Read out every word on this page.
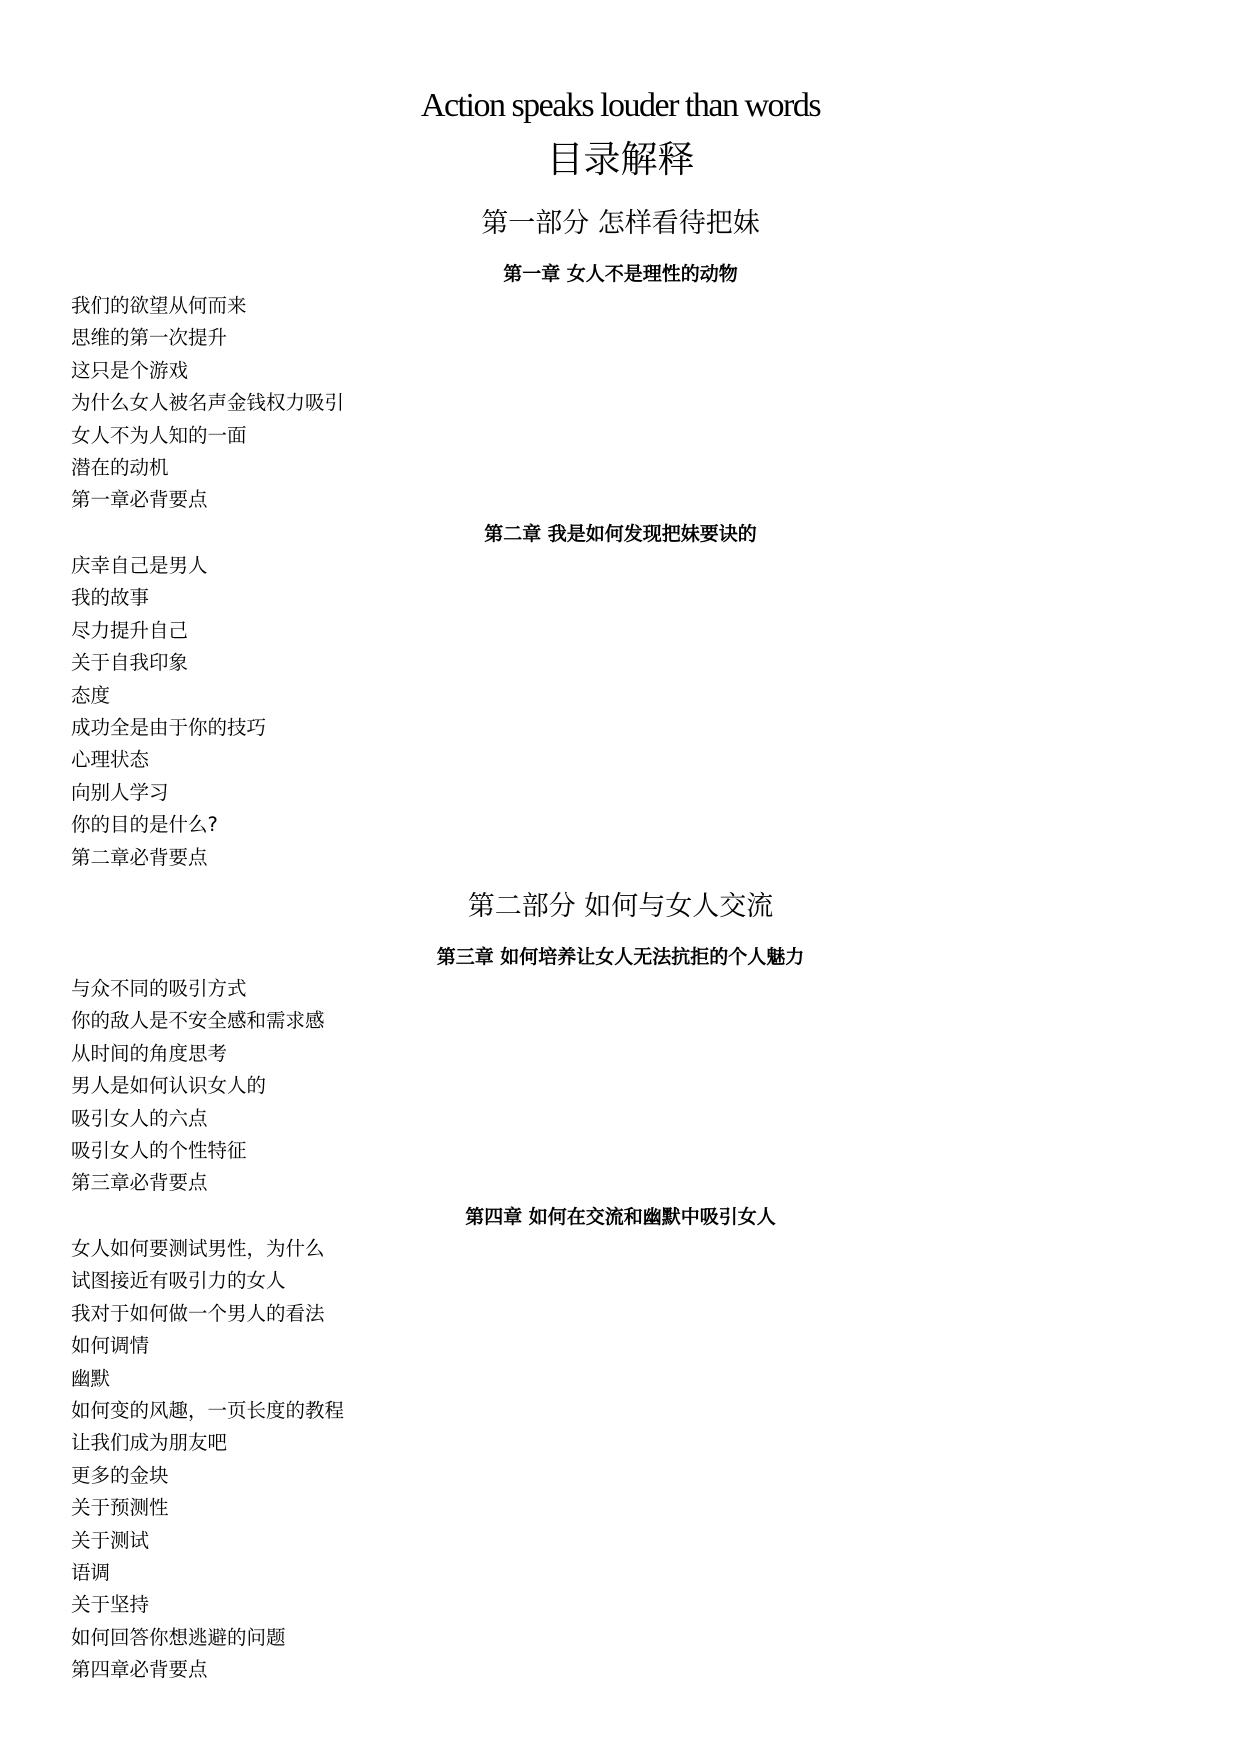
Action speaks louder than words
目录解释
第一部分 怎样看待把妹
第一章 女人不是理性的动物
我们的欲望从何而来
思维的第一次提升
这只是个游戏
为什么女人被名声金钱权力吸引
女人不为人知的一面
潜在的动机
第一章必背要点
第二章 我是如何发现把妹要诀的
庆幸自己是男人
我的故事
尽力提升自己
关于自我印象
态度
成功全是由于你的技巧
心理状态
向别人学习
你的目的是什么?
第二章必背要点
第二部分 如何与女人交流
第三章 如何培养让女人无法抗拒的个人魅力
与众不同的吸引方式
你的敌人是不安全感和需求感
从时间的角度思考
男人是如何认识女人的
吸引女人的六点
吸引女人的个性特征
第三章必背要点
第四章 如何在交流和幽默中吸引女人
女人如何要测试男性，为什么
试图接近有吸引力的女人
我对于如何做一个男人的看法
如何调情
幽默
如何变的风趣，一页长度的教程
让我们成为朋友吧
更多的金块
关于预测性
关于测试
语调
关于坚持
如何回答你想逃避的问题
第四章必背要点
